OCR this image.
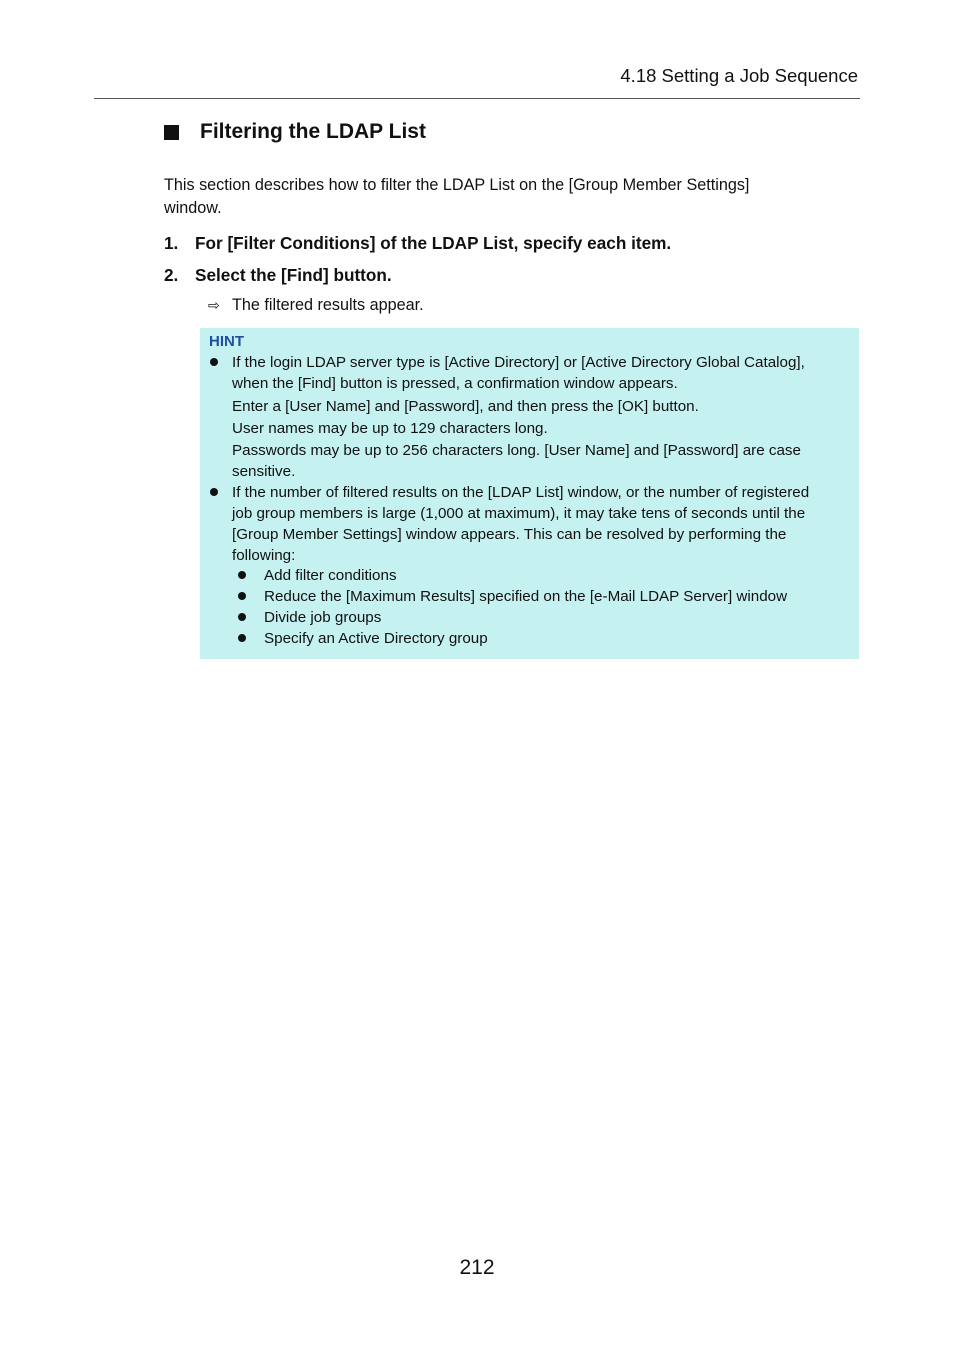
4.18 Setting a Job Sequence
Filtering the LDAP List
This section describes how to filter the LDAP List on the [Group Member Settings]
window.
1. For [Filter Conditions] of the LDAP List, specify each item.
2. Select the [Find] button.
⇨ The filtered results appear.
HINT
If the login LDAP server type is [Active Directory] or [Active Directory Global Catalog],
when the [Find] button is pressed, a confirmation window appears.
Enter a [User Name] and [Password], and then press the [OK] button.
User names may be up to 129 characters long.
Passwords may be up to 256 characters long. [User Name] and [Password] are case
sensitive.
If the number of filtered results on the [LDAP List] window, or the number of registered
job group members is large (1,000 at maximum), it may take tens of seconds until the
[Group Member Settings] window appears. This can be resolved by performing the
following:
Add filter conditions
Reduce the [Maximum Results] specified on the [e-Mail LDAP Server] window
Divide job groups
Specify an Active Directory group
212
